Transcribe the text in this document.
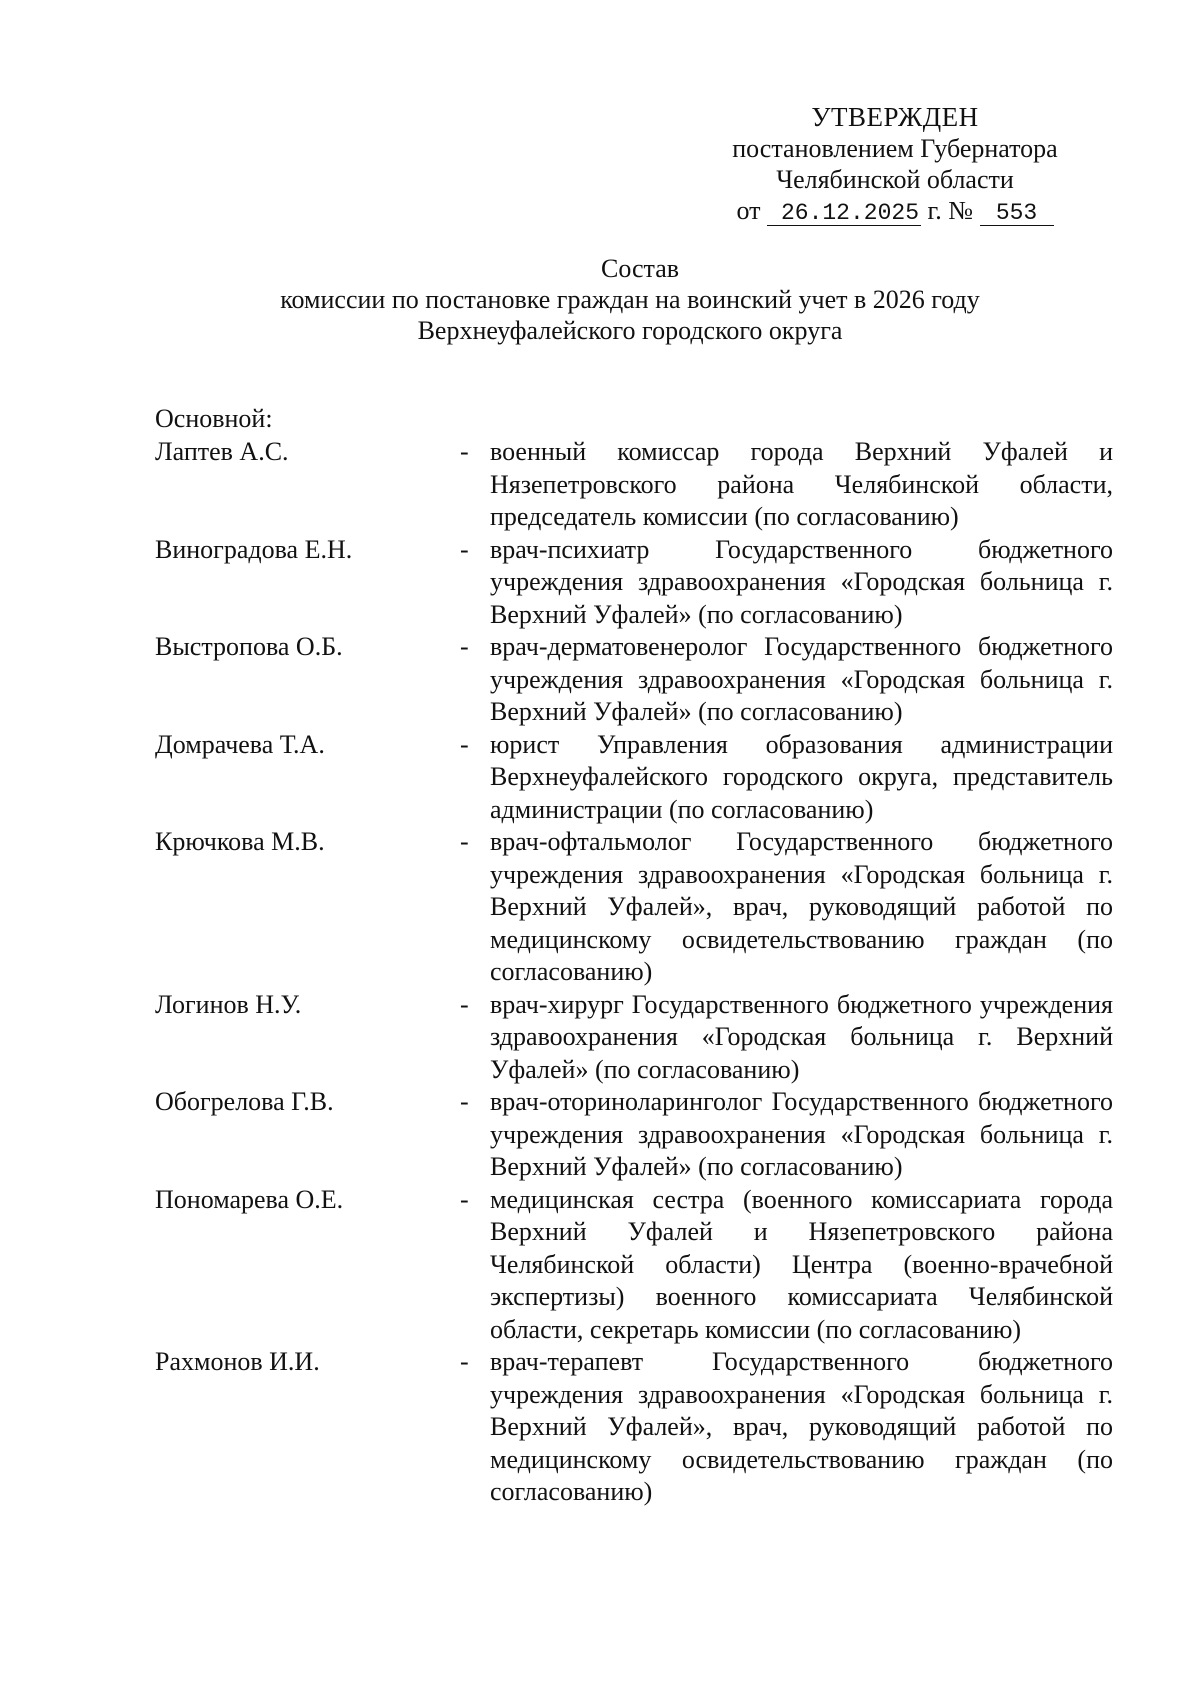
УТВЕРЖДЕН
постановлением Губернатора
Челябинской области
от 26.12.2025 г. № 553
Состав
комиссии по постановке граждан на воинский учет в 2026 году
Верхнеуфалейского городского округа
Основной:
Лаптев А.С.	- военный комиссар города Верхний Уфалей и Нязепетровского района Челябинской области, председатель комиссии (по согласованию)
Виноградова Е.Н.	- врач-психиатр Государственного бюджетного учреждения здравоохранения «Городская больница г. Верхний Уфалей» (по согласованию)
Выстропова О.Б.	- врач-дерматовенеролог Государственного бюджетного учреждения здравоохранения «Городская больница г. Верхний Уфалей» (по согласованию)
Домрачева Т.А.	- юрист Управления образования администрации Верхнеуфалейского городского округа, представитель администрации (по согласованию)
Крючкова М.В.	- врач-офтальмолог Государственного бюджетного учреждения здравоохранения «Городская больница г. Верхний Уфалей», врач, руководящий работой по медицинскому освидетельствованию граждан (по согласованию)
Логинов Н.У.	- врач-хирург Государственного бюджетного учреждения здравоохранения «Городская больница г. Верхний Уфалей» (по согласованию)
Обогрелова Г.В.	- врач-оториноларинголог Государственного бюджетного учреждения здравоохранения «Городская больница г. Верхний Уфалей» (по согласованию)
Пономарева О.Е.	- медицинская сестра (военного комиссариата города Верхний Уфалей и Нязепетровского района Челябинской области) Центра (военно-врачебной экспертизы) военного комиссариата Челябинской области, секретарь комиссии (по согласованию)
Рахмонов И.И.	- врач-терапевт Государственного бюджетного учреждения здравоохранения «Городская больница г. Верхний Уфалей», врач, руководящий работой по медицинскому освидетельствованию граждан (по согласованию)
